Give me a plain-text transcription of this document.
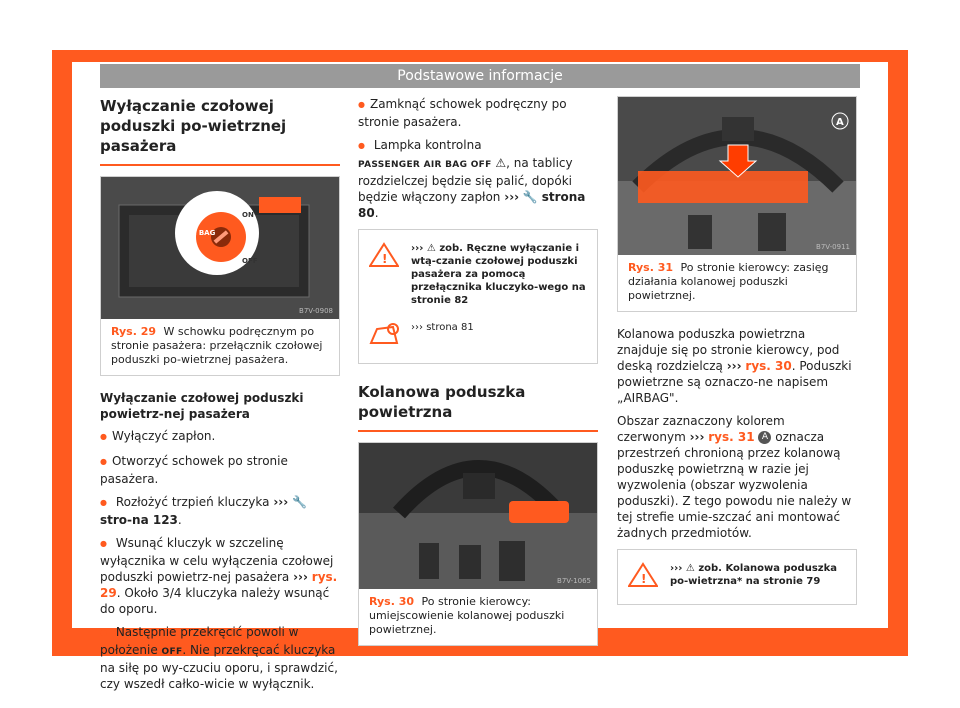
Podstawowe informacje
Wyłączanie czołowej poduszki po-wietrznej pasażera
AIR BAG
ON
OFF
B7V-0908
Rys. 29 W schowku podręcznym po stronie pasażera: przełącznik czołowej poduszki po-wietrznej pasażera.
Wyłączanie czołowej poduszki powietrz-nej pasażera

● Wyłączyć zapłon.

● Otworzyć schowek po stronie pasażera.

● Rozłożyć trzpień kluczyka ››› 🔧 stro-na 123.

● Wsunąć kluczyk w szczelinę wyłącznika w celu wyłączenia czołowej poduszki powietrz-nej pasażera ››› rys. 29. Około 3/4 kluczyka należy wsunąć do oporu.

● Następnie przekręcić powoli w położenie OFF. Nie przekręcać kluczyka na siłę po wy-czuciu oporu, i sprawdzić, czy wszedł całko-wicie w wyłącznik.

● Zamknąć schowek podręczny po stronie pasażera.

● Lampka kontrolna PASSENGER AIR BAG OFF ⚠, na tablicy rozdzielczej będzie się palić, dopóki będzie włączony zapłon ››› 🔧 strona 80.

!
››› ⚠ zob. Ręczne wyłączanie i wtą-czanie czołowej poduszki pasażera za pomocą przełącznika kluczyko-wego na stronie 82
››› strona 81
Kolanowa poduszka powietrzna
B7V-1065
Rys. 30 Po stronie kierowcy: umiejscowienie kolanowej poduszki powietrznej.
A
B7V-0911
Rys. 31 Po stronie kierowcy: zasięg działania kolanowej poduszki powietrznej.

Kolanowa poduszka powietrzna znajduje się po stronie kierowcy, pod deską rozdzielczą ››› rys. 30. Poduszki powietrzne są oznaczo-ne napisem „AIRBAG".

Obszar zaznaczony kolorem czerwonym ››› rys. 31 A oznacza przestrzeń chronioną przez kolanową poduszkę powietrzną w razie jej wyzwolenia (obszar wyzwolenia poduszki). Z tego powodu nie należy w tej strefie umie-szczać ani montować żadnych przedmiotów.

!
››› ⚠ zob. Kolanowa poduszka po-wietrzna* na stronie 79
21
